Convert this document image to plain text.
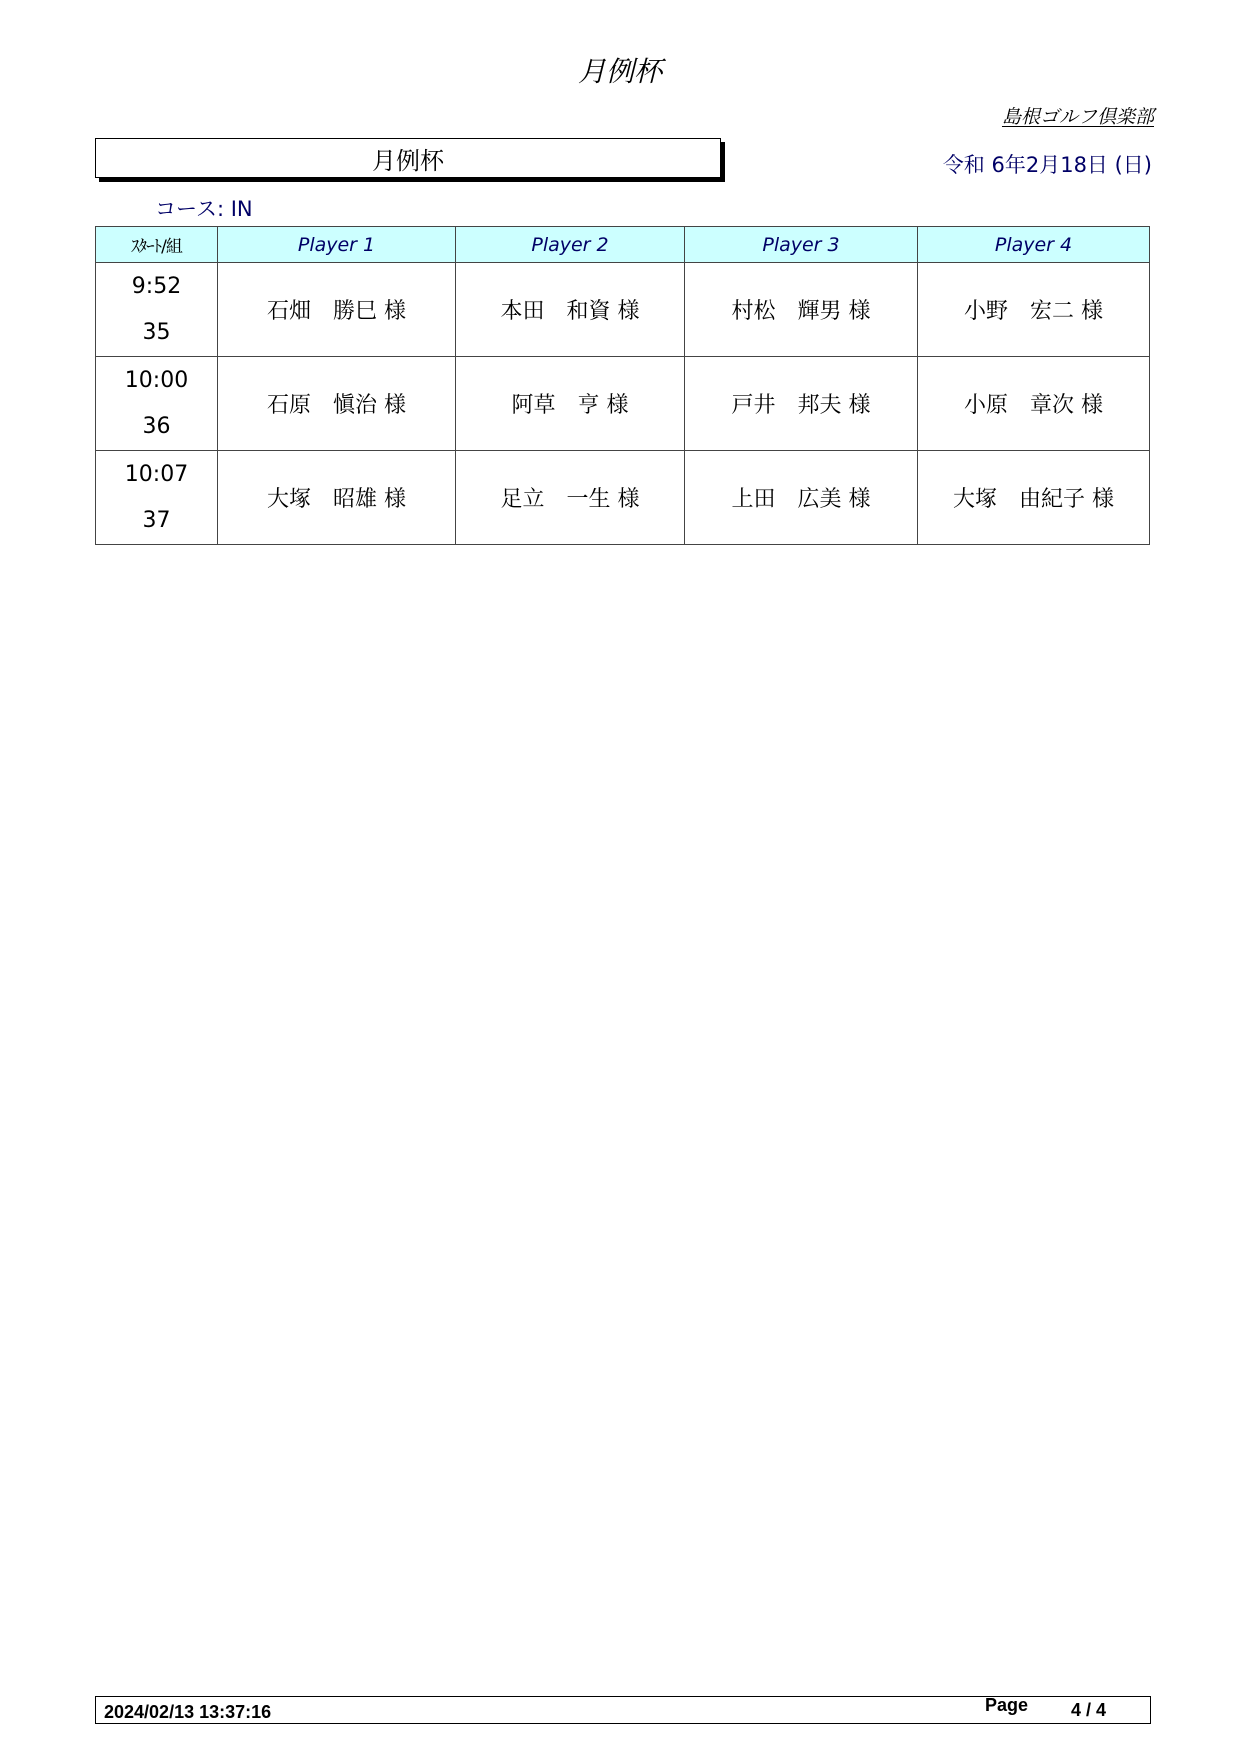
月例杯
島根ゴルフ倶楽部
月例杯	令和 6年2月18日 (日)
コース: IN
ｽﾀｰﾄ/組	Player 1	Player 2	Player 3	Player 4

9:52
35	石畑　勝巳 様	本田　和資 様	村松　輝男 様	小野　宏二 様

10:00
36	石原　愼治 様	阿草　亨 様	戸井　邦夫 様	小原　章次 様

10:07
37	大塚　昭雄 様	足立　一生 様	上田　広美 様	大塚　由紀子 様
2024/02/13 13:37:16	Page 4 / 4
